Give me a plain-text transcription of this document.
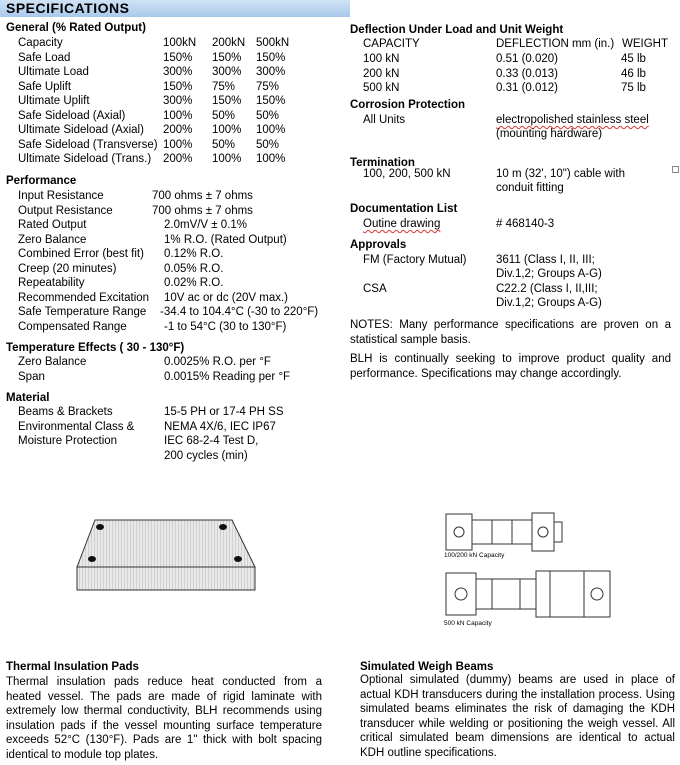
SPECIFICATIONS
General (% Rated Output)
Capacity	100kN 200kN 500kN
Safe Load	150% 150% 150%
Ultimate Load	300% 300% 300%
Safe Uplift	150% 75% 75%
Ultimate Uplift	300% 150% 150%
Safe Sideload (Axial)	100% 50% 50%
Ultimate Sideload (Axial) 200% 100% 100%
Safe Sideload (Transverse) 100% 50% 50%
Ultimate Sideload (Trans.) 200% 100% 100%
Performance
Input Resistance	700 ohms ± 7 ohms
Output Resistance	700 ohms ± 7 ohms
Rated Output	2.0mV/V ± 0.1%
Zero Balance	1% R.O. (Rated Output)
Combined Error (best fit) 0.12% R.O.
Creep (20 minutes)	0.05% R.O.
Repeatability	0.02% R.O.
Recommended Excitation 10V ac or dc (20V max.)
Safe Temperature Range -34.4 to 104.4°C (-30 to 220°F)
Compensated Range	-1 to 54°C (30 to 130°F)
Temperature Effects ( 30 - 130°F)
Zero Balance	0.0025% R.O. per °F
Span	0.0015% Reading per °F
Material
Beams & Brackets	15-5 PH or 17-4 PH SS
Environmental Class &	NEMA 4X/6, IEC IP67
Moisture Protection	IEC 68-2-4 Test D,
200 cycles (min)
Deflection Under Load and Unit Weight
CAPACITY	DEFLECTION mm (in.) WEIGHT
100 kN	0.51 (0.020)	45 lb
200 kN	0.33 (0.013)	46 lb
500 kN	0.31 (0.012)	75 lb
Corrosion Protection
All Units	electropolished stainless steel
(mounting hardware)
Termination
100, 200, 500 kN	10 m (32', 10") cable with
conduit fitting
Documentation List
Outine drawing	# 468140-3
Approvals
FM (Factory Mutual)	3611 (Class I, II, III;
Div.1,2; Groups A-G)
CSA	C22.2 (Class I, II,III;
Div.1,2; Groups A-G)
NOTES: Many performance specifications are proven on a statistical sample basis.
BLH is continually seeking to improve product quality and performance. Specifications may change accordingly.
100/200 kN Capacity
500 kN Capacity
Thermal Insulation Pads
Thermal insulation pads reduce heat conducted from a heated vessel. The pads are made of rigid laminate with extremely low thermal conductivity, BLH recommends using insulation pads if the vessel mounting surface temperature exceeds 52°C (130°F). Pads are 1" thick with bolt spacing identical to module top plates.
Simulated Weigh Beams
Optional simulated (dummy) beams are used in place of actual KDH transducers during the installation process. Using simulated beams eliminates the risk of damaging the KDH transducer while welding or positioning the weigh vessel. All critical simulated beam dimensions are identical to actual KDH outline specifications.
